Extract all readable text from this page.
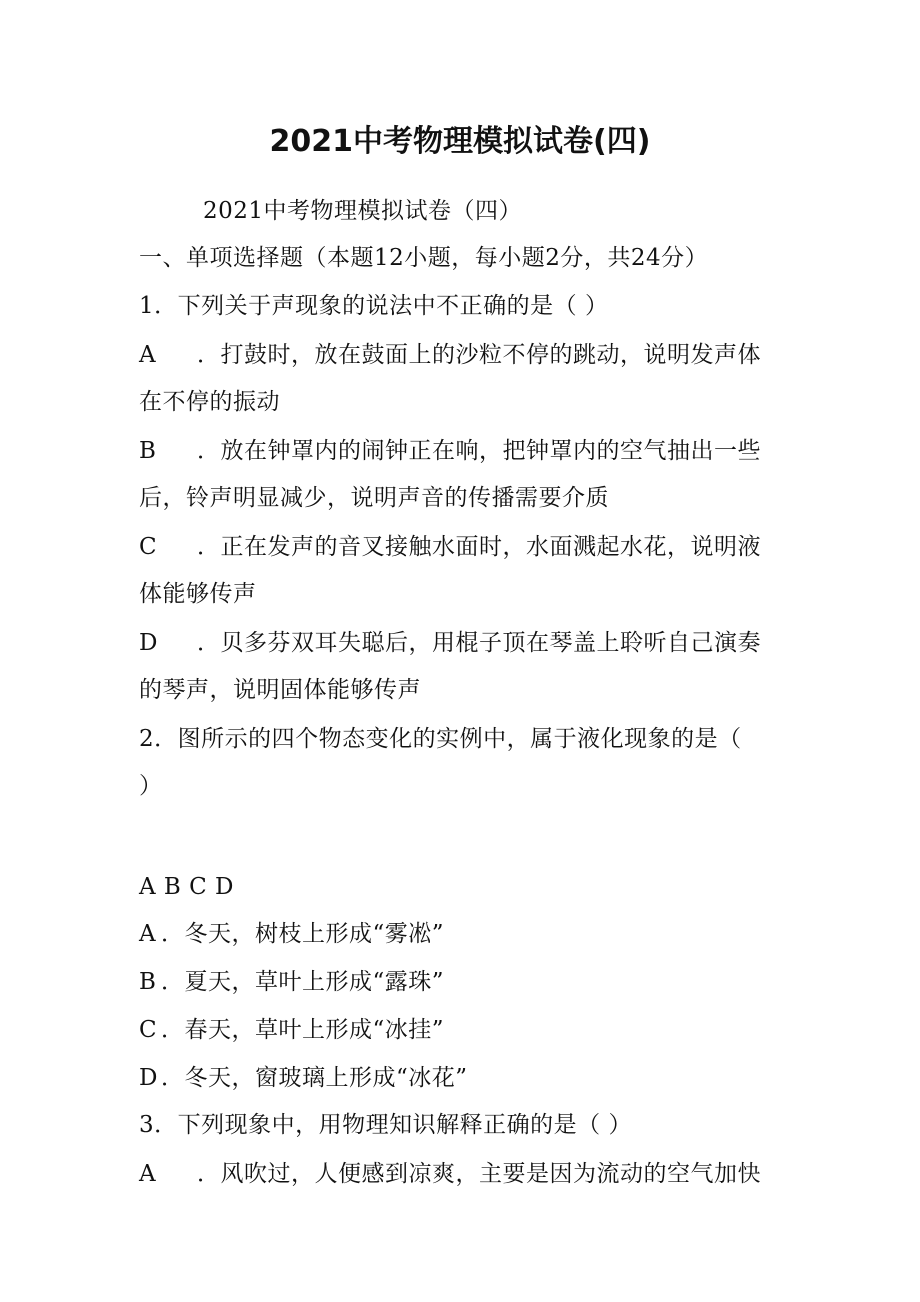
2021中考物理模拟试卷(四)
2021中考物理模拟试卷（四）
一、单项选择题（本题12小题，每小题2分，共24分）
1．下列关于声现象的说法中不正确的是（ ）
A ．打鼓时，放在鼓面上的沙粒不停的跳动，说明发声体
在不停的振动
B ．放在钟罩内的闹钟正在响，把钟罩内的空气抽出一些
后，铃声明显减少，说明声音的传播需要介质
C ．正在发声的音叉接触水面时，水面溅起水花，说明液
体能够传声
D ．贝多芬双耳失聪后，用棍子顶在琴盖上聆听自己演奏
的琴声，说明固体能够传声
2．图所示的四个物态变化的实例中，属于液化现象的是（
）
A B C D
A ．冬天，树枝上形成“雾凇”
B ．夏天，草叶上形成“露珠”
C ．春天，草叶上形成“冰挂”
D ．冬天，窗玻璃上形成“冰花”
3．下列现象中，用物理知识解释正确的是（ ）
A ．风吹过，人便感到凉爽，主要是因为流动的空气加快
